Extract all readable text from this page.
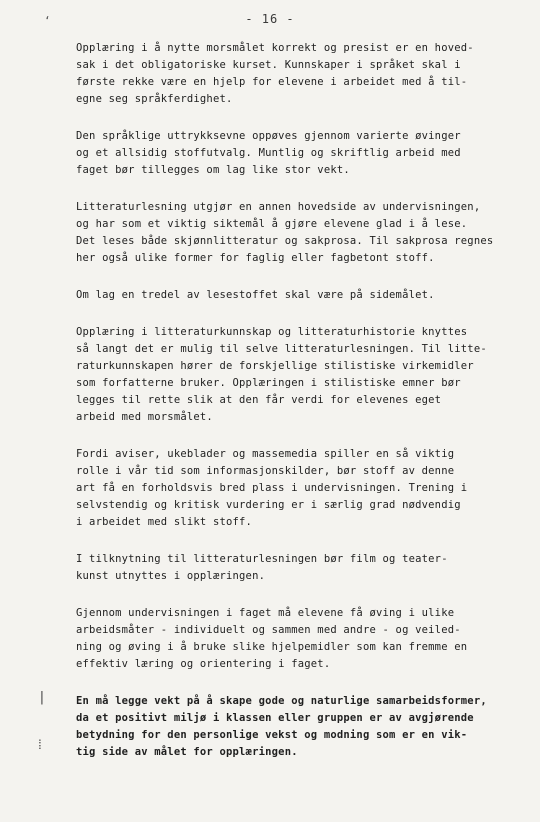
‘	- 16 -
|
⁞
Opplæring i å nytte morsmålet korrekt og presist er en hoved-
sak i det obligatoriske kurset. Kunnskaper i språket skal i
første rekke være en hjelp for elevene i arbeidet med å til-
egne seg språkferdighet.
Den språklige uttrykksevne oppøves gjennom varierte øvinger
og et allsidig stoffutvalg. Muntlig og skriftlig arbeid med
faget bør tillegges om lag like stor vekt.
Litteraturlesning utgjør en annen hovedside av undervisningen,
og har som et viktig siktemål å gjøre elevene glad i å lese.
Det leses både skjønnlitteratur og sakprosa. Til sakprosa regnes
her også ulike former for faglig eller fagbetont stoff.
Om lag en tredel av lesestoffet skal være på sidemålet.
Opplæring i litteraturkunnskap og litteraturhistorie knyttes
så langt det er mulig til selve litteraturlesningen. Til litte-
raturkunnskapen hører de forskjellige stilistiske virkemidler
som forfatterne bruker. Opplæringen i stilistiske emner bør
legges til rette slik at den får verdi for elevenes eget
arbeid med morsmålet.
Fordi aviser, ukeblader og massemedia spiller en så viktig
rolle i vår tid som informasjonskilder, bør stoff av denne
art få en forholdsvis bred plass i undervisningen. Trening i
selvstendig og kritisk vurdering er i særlig grad nødvendig
i arbeidet med slikt stoff.
I tilknytning til litteraturlesningen bør film og teater-
kunst utnyttes i opplæringen.
Gjennom undervisningen i faget må elevene få øving i ulike
arbeidsmåter - individuelt og sammen med andre - og veiled-
ning og øving i å bruke slike hjelpemidler som kan fremme en
effektiv læring og orientering i faget.
En må legge vekt på å skape gode og naturlige samarbeidsformer,
da et positivt miljø i klassen eller gruppen er av avgjørende
betydning for den personlige vekst og modning som er en vik-
tig side av målet for opplæringen.
